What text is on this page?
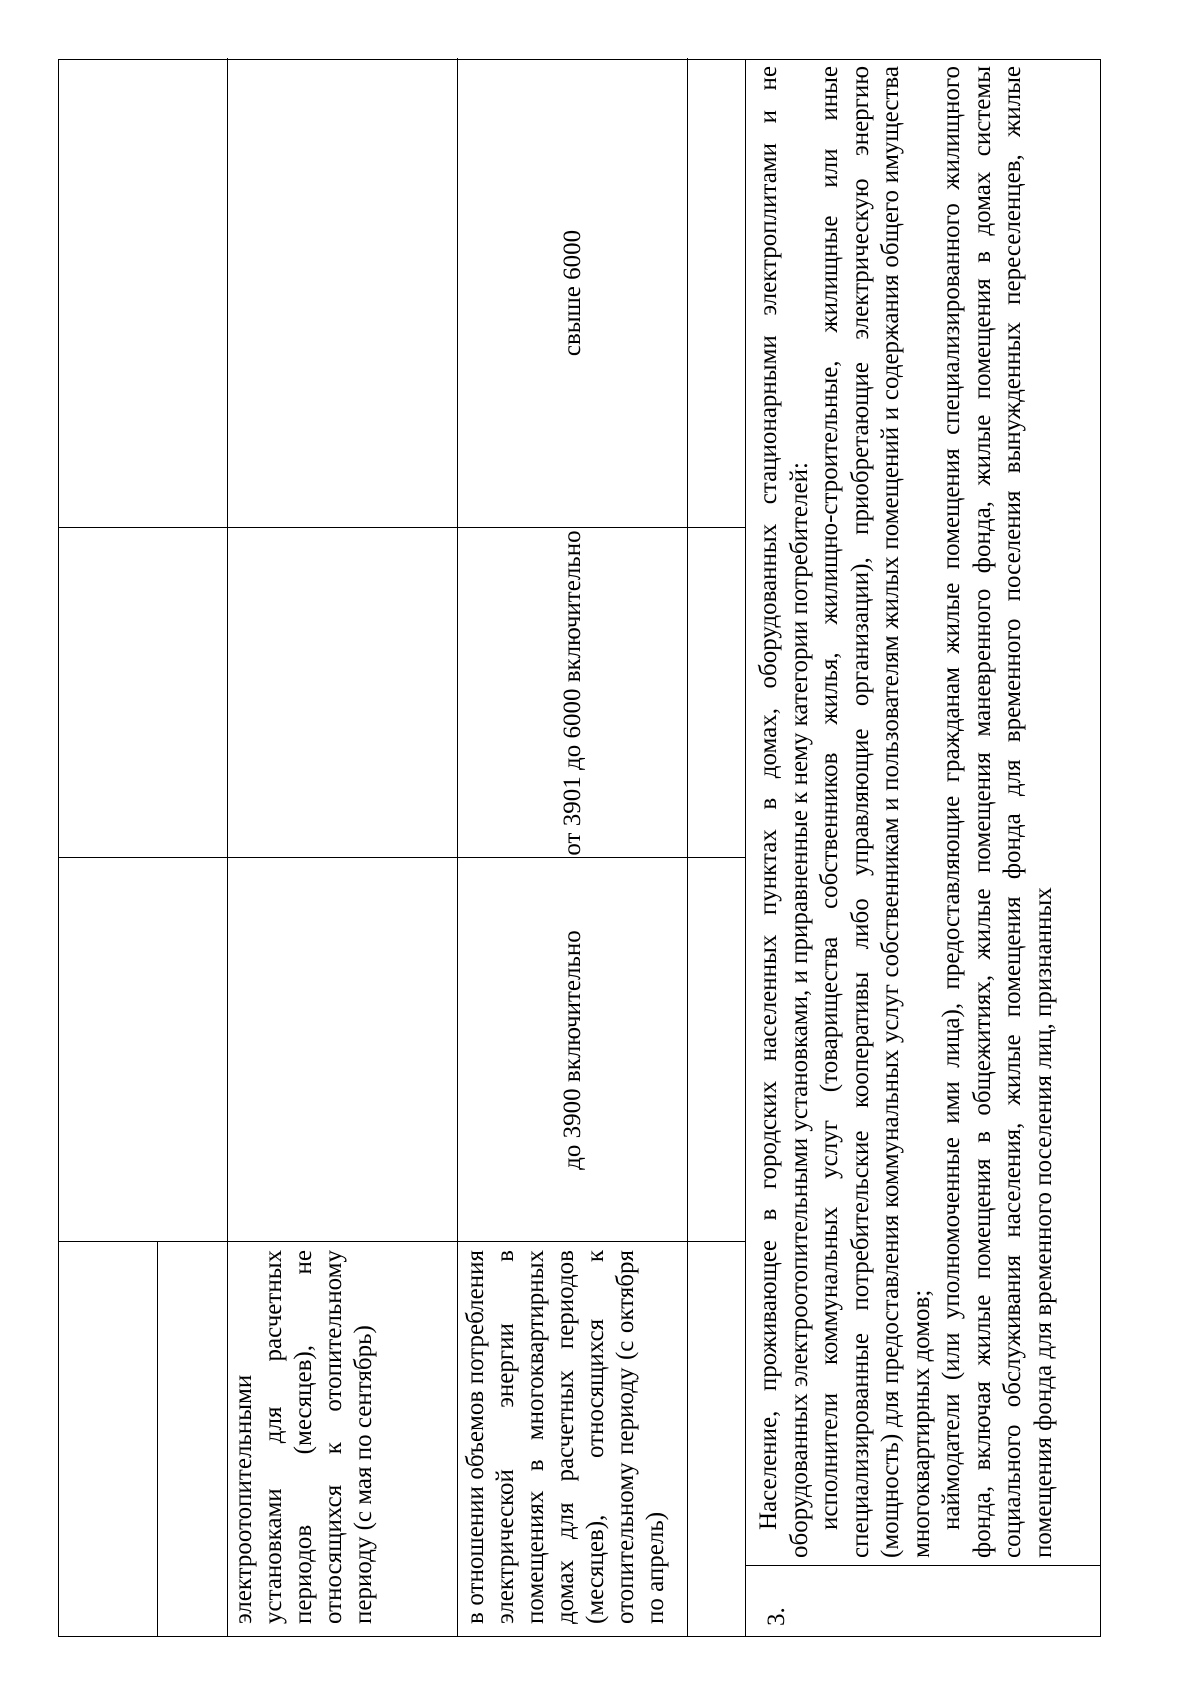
электроотопительными установками для расчетных периодов (месяцев), не относящихся к отопительному периоду (с мая по сентябрь)	в отношении объемов потребления электрической энергии в помещениях в многоквартирных домах для расчетных периодов (месяцев), относящихся к отопительному периоду (с октября по апрель)
до 3900 включительно
от 3901 до 6000 включительно
свыше 6000
3.

Население, проживающее в городских населенных пунктах в домах, оборудованных стационарными электроплитами и не оборудованных электроотопительными установками, и приравненные к нему категории потребителей: исполнители коммунальных услуг (товарищества собственников жилья, жилищно-строительные, жилищные или иные специализированные потребительские кооперативы либо управляющие организации), приобретающие электрическую энергию (мощность) для предоставления коммунальных услуг собственникам и пользователям жилых помещений и содержания общего имущества многоквартирных домов; наймодатели (или уполномоченные ими лица), предоставляющие гражданам жилые помещения специализированного жилищного фонда, включая жилые помещения в общежитиях, жилые помещения маневренного фонда, жилые помещения в домах системы социального обслуживания населения, жилые помещения фонда для временного поселения вынужденных переселенцев, жилые помещения фонда для временного поселения лиц, признанных
